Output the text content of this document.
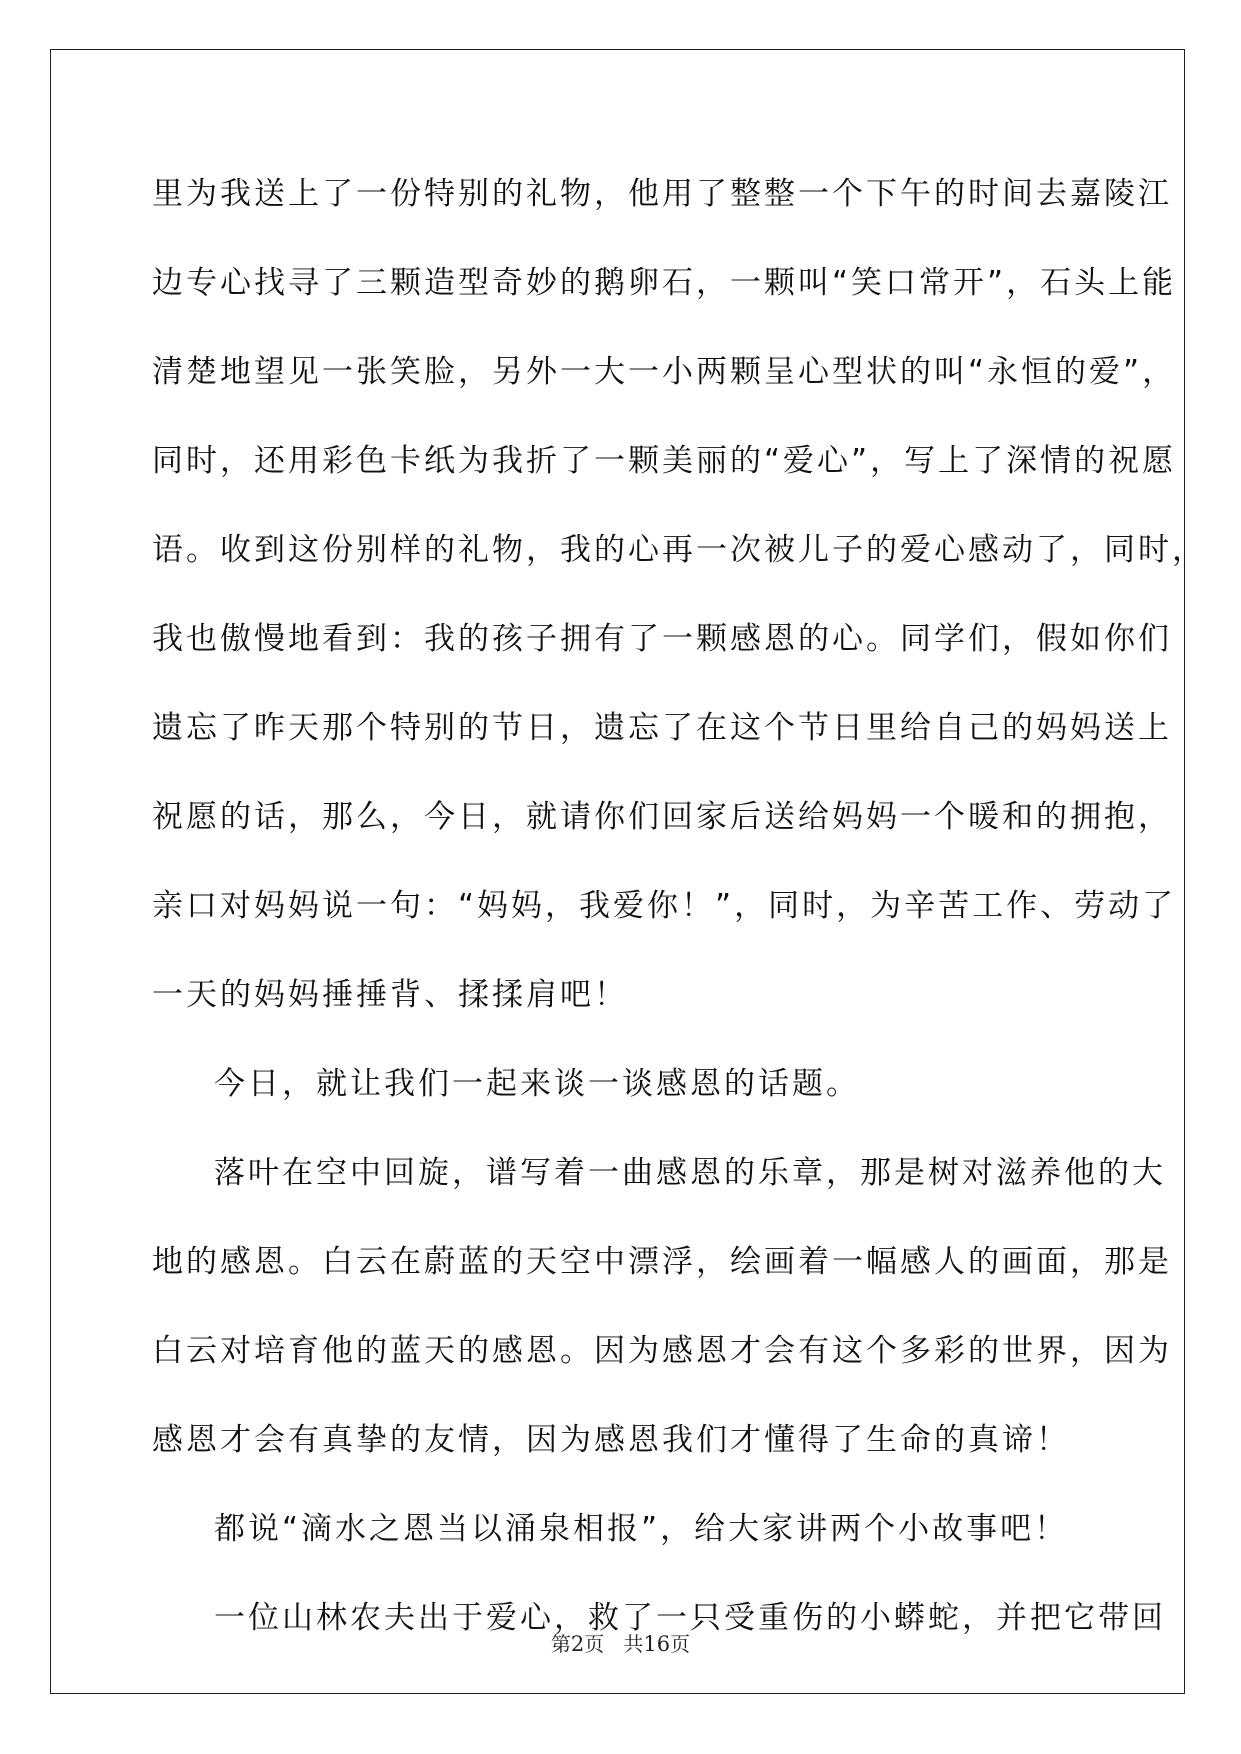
里为我送上了一份特别的礼物，他用了整整一个下午的时间去嘉陵江
边专心找寻了三颗造型奇妙的鹅卵石，一颗叫“笑口常开”，石头上能
清楚地望见一张笑脸，另外一大一小两颗呈心型状的叫“永恒的爱”，
同时，还用彩色卡纸为我折了一颗美丽的“爱心”，写上了深情的祝愿
语。收到这份别样的礼物，我的心再一次被儿子的爱心感动了，同时，
我也傲慢地看到：我的孩子拥有了一颗感恩的心。同学们，假如你们
遗忘了昨天那个特别的节日，遗忘了在这个节日里给自己的妈妈送上
祝愿的话，那么，今日，就请你们回家后送给妈妈一个暖和的拥抱，
亲口对妈妈说一句：“妈妈，我爱你！”，同时，为辛苦工作、劳动了
一天的妈妈捶捶背、揉揉肩吧！
今日，就让我们一起来谈一谈感恩的话题。
落叶在空中回旋，谱写着一曲感恩的乐章，那是树对滋养他的大
地的感恩。白云在蔚蓝的天空中漂浮，绘画着一幅感人的画面，那是
白云对培育他的蓝天的感恩。因为感恩才会有这个多彩的世界，因为
感恩才会有真挚的友情，因为感恩我们才懂得了生命的真谛！
都说“滴水之恩当以涌泉相报”，给大家讲两个小故事吧！
一位山林农夫出于爱心，救了一只受重伤的小蟒蛇，并把它带回
第2页 共16页
